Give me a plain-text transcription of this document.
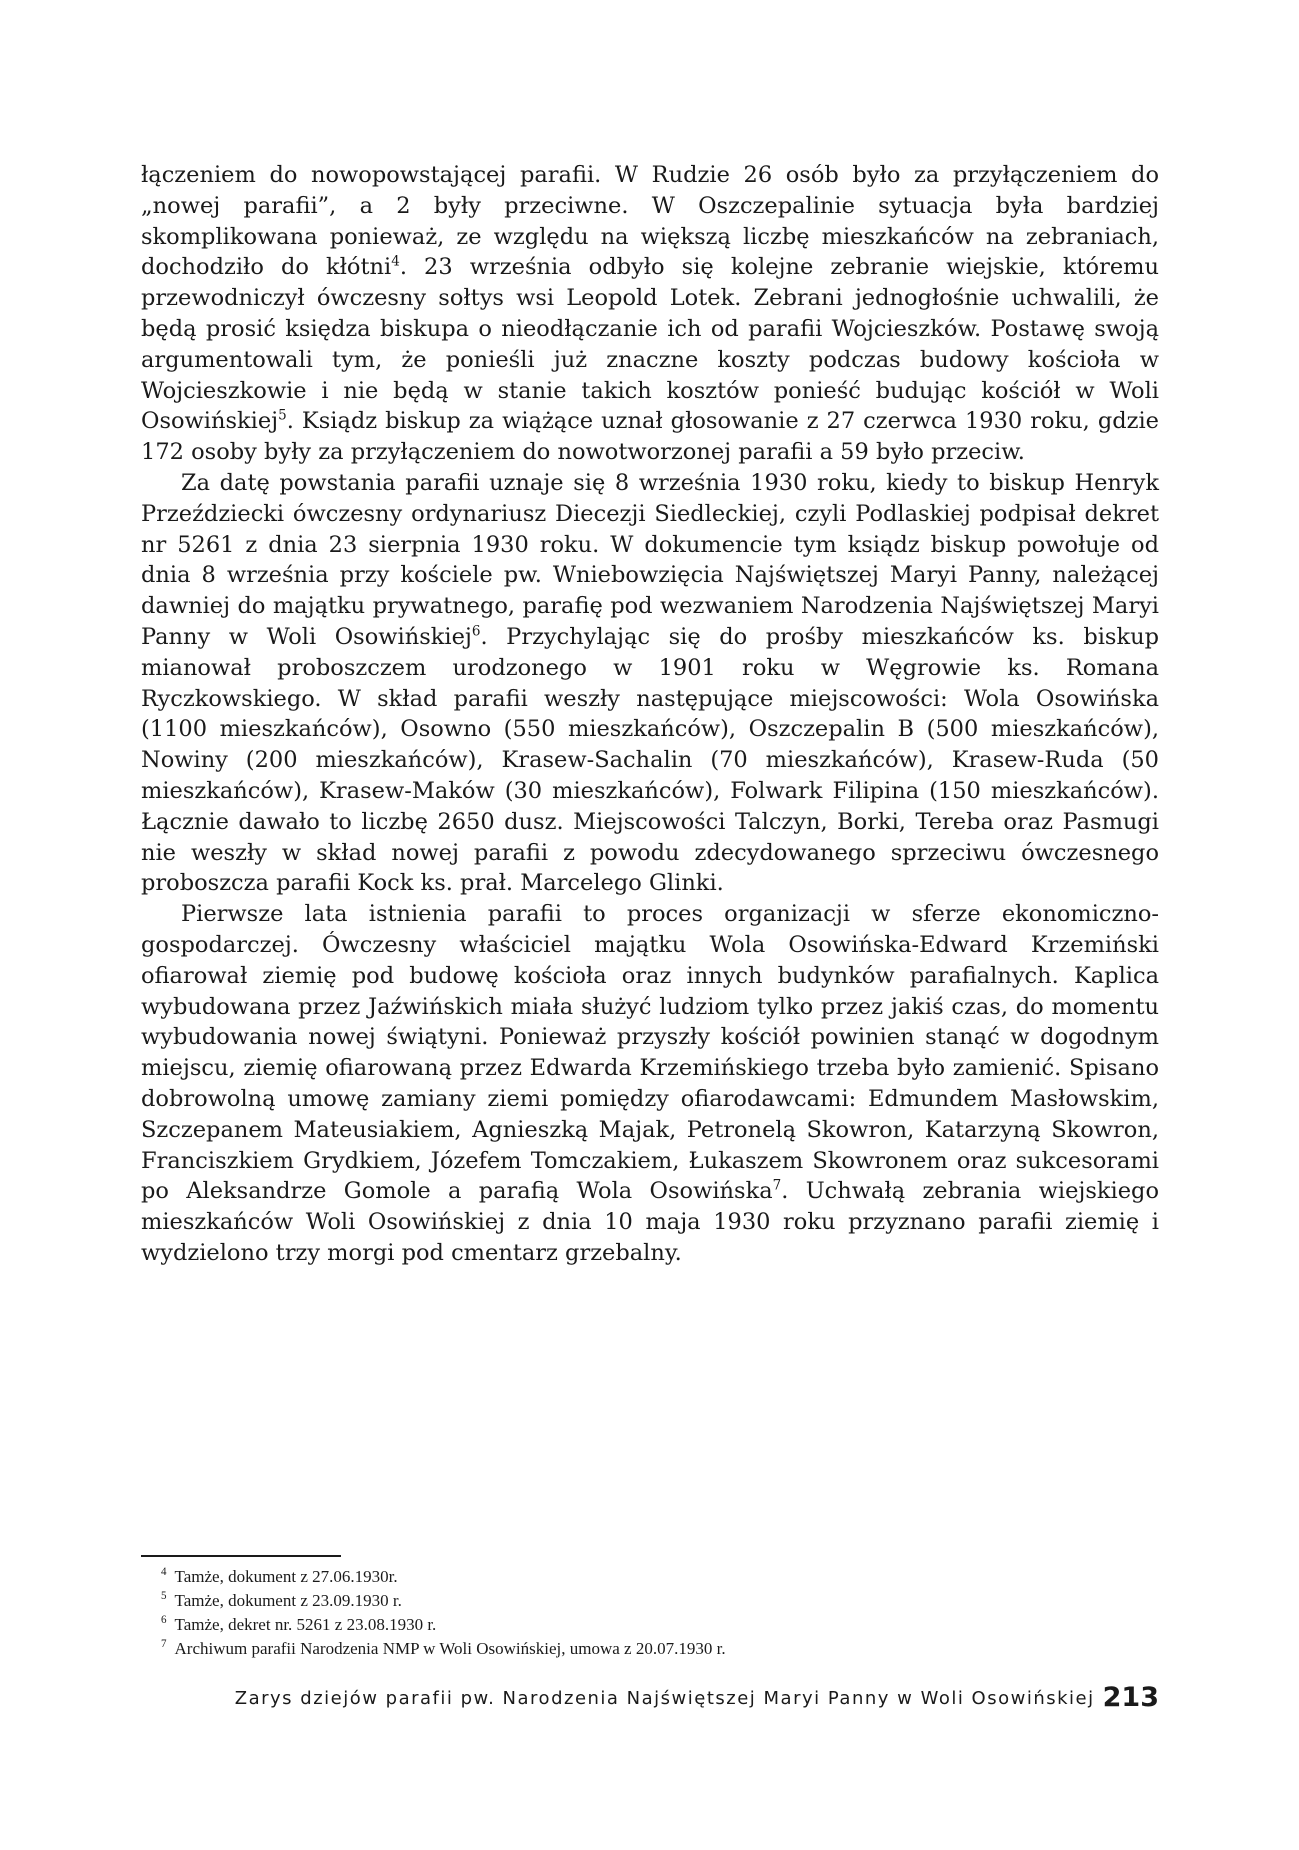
łączeniem do nowopowstającej parafii. W Rudzie 26 osób było za przyłączeniem do „nowej parafii”, a 2 były przeciwne. W Oszczepalinie sytuacja była bardziej skomplikowana ponieważ, ze względu na większą liczbę mieszkańców na zebraniach, dochodziło do kłótni$^4$. 23 września odbyło się kolejne zebranie wiejskie, któremu przewodniczył ówczesny sołtys wsi Leopold Lotek. Zebrani jednogłośnie uchwalili, że będą prosić księdza biskupa o nieodłączanie ich od parafii Wojcieszków. Postawę swoją argumentowali tym, że ponieśli już znaczne koszty podczas budowy kościoła w Wojcieszkowie i nie będą w stanie takich kosztów ponieść budując kościół w Woli Osowińskiej$^5$. Ksiądz biskup za wiążące uznał głosowanie z 27 czerwca 1930 roku, gdzie 172 osoby były za przyłączeniem do nowotworzonej parafii a 59 było przeciw.

Za datę powstania parafii uznaje się 8 września 1930 roku, kiedy to biskup Henryk Przeździecki ówczesny ordynariusz Diecezji Siedleckiej, czyli Podlaskiej podpisał dekret nr 5261 z dnia 23 sierpnia 1930 roku. W dokumencie tym ksiądz biskup powołuje od dnia 8 września przy kościele pw. Wniebowzięcia Najświętszej Maryi Panny, należącej dawniej do majątku prywatnego, parafię pod wezwaniem Narodzenia Najświętszej Maryi Panny w Woli Osowińskiej$^6$. Przychylając się do prośby mieszkańców ks. biskup mianował proboszczem urodzonego w 1901 roku w Węgrowie ks. Romana Ryczkowskiego. W skład parafii weszły następujące miejscowości: Wola Osowińska (1100 mieszkańców), Osowno (550 mieszkańców), Oszczepalin B (500 mieszkańców), Nowiny (200 mieszkańców), Krasew-Sachalin (70 mieszkańców), Krasew-Ruda (50 mieszkańców), Krasew-Maków (30 mieszkańców), Folwark Filipina (150 mieszkańców). Łącznie dawało to liczbę 2650 dusz. Miejscowości Talczyn, Borki, Tereba oraz Pasmugi nie weszły w skład nowej parafii z powodu zdecydowanego sprzeciwu ówczesnego proboszcza parafii Kock ks. prał. Marcelego Glinki.

Pierwsze lata istnienia parafii to proces organizacji w sferze ekonomiczno-gospodarczej. Ówczesny właściciel majątku Wola Osowińska-Edward Krzemiński ofiarował ziemię pod budowę kościoła oraz innych budynków parafialnych. Kaplica wybudowana przez Jaźwińskich miała służyć ludziom tylko przez jakiś czas, do momentu wybudowania nowej świątyni. Ponieważ przyszły kościół powinien stanąć w dogodnym miejscu, ziemię ofiarowaną przez Edwarda Krzemińskiego trzeba było zamienić. Spisano dobrowolną umowę zamiany ziemi pomiędzy ofiarodawcami: Edmundem Masłowskim, Szczepanem Mateusiakiem, Agnieszką Majak, Petronelą Skowron, Katarzyną Skowron, Franciszkiem Grydkiem, Józefem Tomczakiem, Łukaszem Skowronem oraz sukcesorami po Aleksandrze Gomole a parafią Wola Osowińska$^7$. Uchwałą zebrania wiejskiego mieszkańców Woli Osowińskiej z dnia 10 maja 1930 roku przyznano parafii ziemię i wydzielono trzy morgi pod cmentarz grzebalny.

$^4$ Tamże, dokument z 27.06.1930r.

$^5$ Tamże, dokument z 23.09.1930 r.

$^6$ Tamże, dekret nr. 5261 z 23.08.1930 r.

$^7$ Archiwum parafii Narodzenia NMP w Woli Osowińskiej, umowa z 20.07.1930 r.

Zarys dziejów parafii pw. Narodzenia Najświętszej Maryi Panny w Woli Osowińskiej 213
